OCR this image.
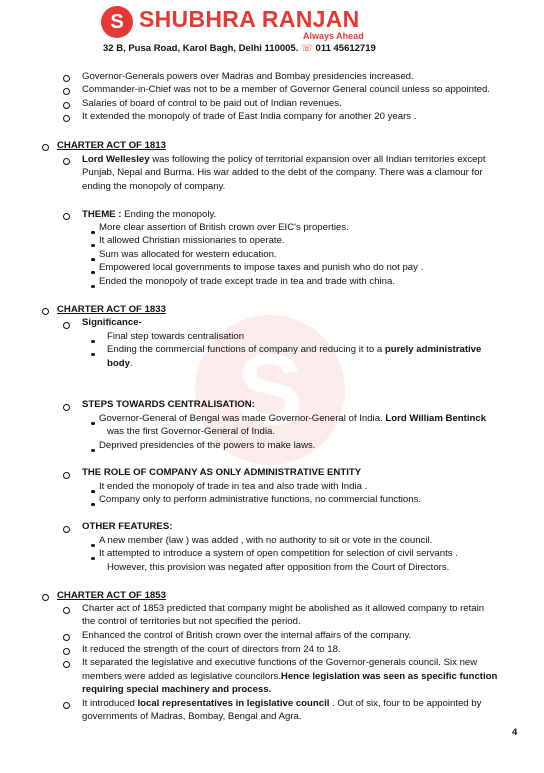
S SHUBHRA RANJAN
Always Ahead
32 B, Pusa Road, Karol Bagh, Delhi 110005. ☏ 011 45612719
S
Governor-Generals powers over Madras and Bombay presidencies increased.
Commander-in-Chief was not to be a member of Governor General council unless so appointed.
Salaries of board of control to be paid out of Indian revenues.
It extended the monopoly of trade of East India company for another 20 years .
CHARTER ACT OF 1813
Lord Wellesley was following the policy of territorial expansion over all Indian territories except
Punjab, Nepal and Burma. His war added to the debt of the company. There was a clamour for
ending the monopoly of company.
THEME : Ending the monopoly.
More clear assertion of British crown over EIC's properties.
It allowed Christian missionaries to operate.
Sum was allocated for western education.
Empowered local governments to impose taxes and punish who do not pay .
Ended the monopoly of trade except trade in tea and trade with china.
CHARTER ACT OF 1833
Significance-
Final step towards centralisation
Ending the commercial functions of company and reducing it to a purely administrative
body.
STEPS TOWARDS CENTRALISATION:
Governor-General of Bengal was made Governor-General of India. Lord William Bentinck
was the first Governor-General of India.
Deprived presidencies of the powers to make laws.
THE ROLE OF COMPANY AS ONLY ADMINISTRATIVE ENTITY
It ended the monopoly of trade in tea and also trade with India .
Company only to perform administrative functions, no commercial functions.
OTHER FEATURES:
A new member (law ) was added , with no authority to sit or vote in the council.
It attempted to introduce a system of open competition for selection of civil servants .
However, this provision was negated after opposition from the Court of Directors.
CHARTER ACT OF 1853
Charter act of 1853 predicted that company might be abolished as it allowed company to retain
the control of territories but not specified the period.
Enhanced the control of British crown over the internal affairs of the company.
It reduced the strength of the court of directors from 24 to 18.
It separated the legislative and executive functions of the Governor-generals council. Six new
members were added as legislative councilors.Hence legislation was seen as specific function
requiring special machinery and process.
It introduced local representatives in legislative council . Out of six, four to be appointed by
governments of Madras, Bombay, Bengal and Agra.
4
